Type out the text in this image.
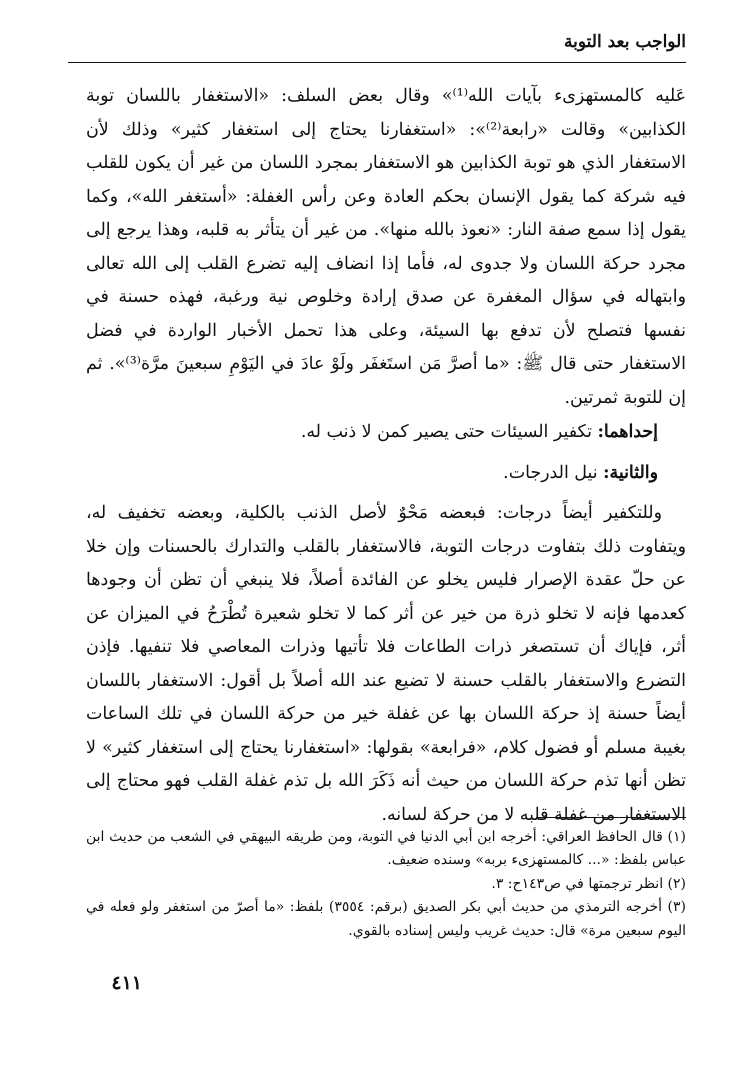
الواجب بعد التوبة

عَليه كالمستهزىء بآيات الله⁽¹⁾» وقال بعض السلف: «الاستغفار باللسان توبة الكذابين» وقالت «رابعة⁽²⁾»: «استغفارنا يحتاج إلى استغفار كثير» وذلك لأن الاستغفار الذي هو توبة الكذابين هو الاستغفار بمجرد اللسان من غير أن يكون للقلب فيه شركة كما يقول الإنسان بحكم العادة وعن رأس الغفلة: «أستغفر الله»، وكما يقول إذا سمع صفة النار: «نعوذ بالله منها». من غير أن يتأثر به قلبه، وهذا يرجع إلى مجرد حركة اللسان ولا جدوى له، فأما إذا انضاف إليه تضرع القلب إلى الله تعالى وابتهاله في سؤال المغفرة عن صدق إرادة وخلوص نية ورغبة، فهذه حسنة في نفسها فتصلح لأن تدفع بها السيئة، وعلى هذا تحمل الأخبار الواردة في فضل الاستغفار حتى قال ﷺ: «ما أصرَّ مَن استَغفَر ولَوْ عادَ في اليَوْمِ سبعينَ مرَّة⁽³⁾». ثم إن للتوبة ثمرتين.

إحداهما: تكفير السيئات حتى يصير كمن لا ذنب له.

والثانية: نيل الدرجات.

وللتكفير أيضاً درجات: فبعضه مَحْوٌ لأصل الذنب بالكلية، وبعضه تخفيف له، ويتفاوت ذلك بتفاوت درجات التوبة، فالاستغفار بالقلب والتدارك بالحسنات وإن خلا عن حلّ عقدة الإصرار فليس يخلو عن الفائدة أصلاً، فلا ينبغي أن تظن أن وجودها كعدمها فإنه لا تخلو ذرة من خير عن أثر كما لا تخلو شعيرة تُطْرَحُ في الميزان عن أثر، فإياك أن تستصغر ذرات الطاعات فلا تأتيها وذرات المعاصي فلا تنفيها. فإذن التضرع والاستغفار بالقلب حسنة لا تضيع عند الله أصلاً بل أقول: الاستغفار باللسان أيضاً حسنة إذ حركة اللسان بها عن غفلة خير من حركة اللسان في تلك الساعات بغيبة مسلم أو فضول كلام، «فرابعة» بقولها: «استغفارنا يحتاج إلى استغفار كثير» لا تظن أنها تذم حركة اللسان من حيث أنه ذَكَرَ الله بل تذم غفلة القلب فهو محتاج إلى الاستغفار من غفلة قلبه لا من حركة لسانه.

(١) قال الحافظ العراقي: أخرجه ابن أبي الدنيا في التوبة، ومن طريقه البيهقي في الشعب من حديث ابن عباس بلفظ: «... كالمستهزىء بربه» وسنده ضعيف.

(٢) انظر ترجمتها في ص١٤٣ح: ٣.

(٣) أخرجه الترمذي من حديث أبي بكر الصديق (برقم: ٣٥٥٤) بلفظ: «ما أصرّ من استغفر ولو فعله في اليوم سبعين مرة» قال: حديث غريب وليس إسناده بالقوي.

٤١١
